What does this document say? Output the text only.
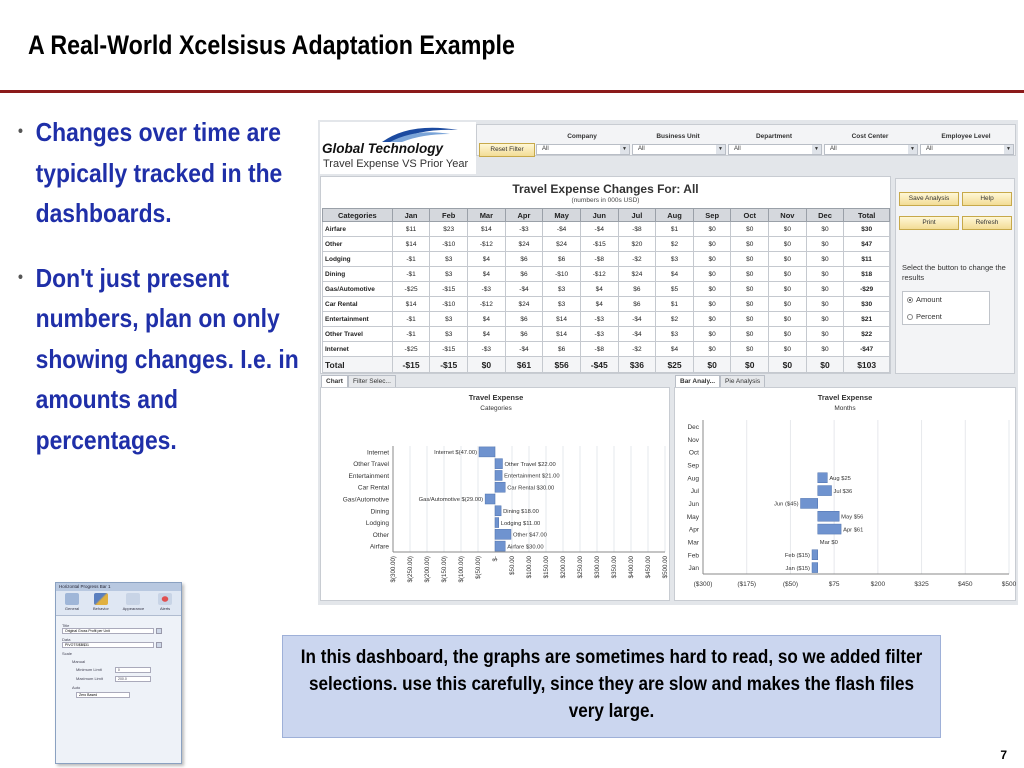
A Real-World Xcelsisus Adaptation Example
• Changes over time are typically tracked in the dashboards.
• Don't just present numbers, plan on only showing changes. I.e. in amounts and percentages.
Horizontal Progress Bar 1
General	Behavior	Appearance	Alerts
Title
Original Gross Profit per Unit
Data
PIVOTS!$B$31
Scale
Manual
Minimum Limit	0
Maximum Limit	200.0
Auto
Zero Based
Global Technology
Travel Expense VS Prior Year
Reset Filter
Company
All	▼
Business Unit
All	▼
Department
All	▼
Cost Center
All	▼
Employee Level
All	▼
Travel Expense Changes For: All
(numbers in 000s USD)
Categories	Jan	Feb	Mar	Apr	May	Jun	Jul	Aug	Sep	Oct	Nov	Dec	Total
Airfare	$11	$23	$14	-$3	-$4	-$4	-$8	$1	$0	$0	$0	$0	$30
Other	$14	-$10	-$12	$24	$24	-$15	$20	$2	$0	$0	$0	$0	$47
Lodging	-$1	$3	$4	$6	$6	-$8	-$2	$3	$0	$0	$0	$0	$11
Dining	-$1	$3	$4	$6	-$10	-$12	$24	$4	$0	$0	$0	$0	$18
Gas/Automotive	-$25	-$15	-$3	-$4	$3	$4	$6	$5	$0	$0	$0	$0	-$29
Car Rental	$14	-$10	-$12	$24	$3	$4	$6	$1	$0	$0	$0	$0	$30
Entertainment	-$1	$3	$4	$6	$14	-$3	-$4	$2	$0	$0	$0	$0	$21
Other Travel	-$1	$3	$4	$6	$14	-$3	-$4	$3	$0	$0	$0	$0	$22
Internet	-$25	-$15	-$3	-$4	$6	-$8	-$2	$4	$0	$0	$0	$0	-$47
Total	-$15	-$15	$0	$61	$56	-$45	$36	$25	$0	$0	$0	$0	$103
Save Analysis	Help
Print	Refresh
Select the button to change the results
Amount
Percent
Chart	Filter Selec...
Travel Expense
Categories
Internet	Internet $(47.00)
Other Travel	Other Travel $22.00
Entertainment	Entertainment $21.00
Car Rental	Car Rental $30.00
Gas/Automotive	Gas/Automotive $(29.00)
Dining	Dining $18.00
Lodging	Lodging $11.00
Other	Other $47.00
Airfare	Airfare $30.00
$(300.00) $(250.00) $(200.00) $(150.00) $(100.00) $(50.00) $- $50.00 $100.00 $150.00 $200.00 $250.00 $300.00 $350.00 $400.00 $450.00 $500.00
Bar Analy...	Pie Analysis
Travel Expense
Months
Dec
Nov
Oct
Sep
Aug	Aug $25
Jul	Jul $36
Jun	Jun ($45)
May	May $56
Apr	Apr $61
Mar	Mar $0
Feb	Feb ($15)
Jan	Jan ($15)
($300)	($175)	($50)	$75	$200	$325	$450	$500
In this dashboard, the graphs are sometimes hard to read, so we added filter selections. use this carefully, since they are slow and makes the flash files very large.
7
